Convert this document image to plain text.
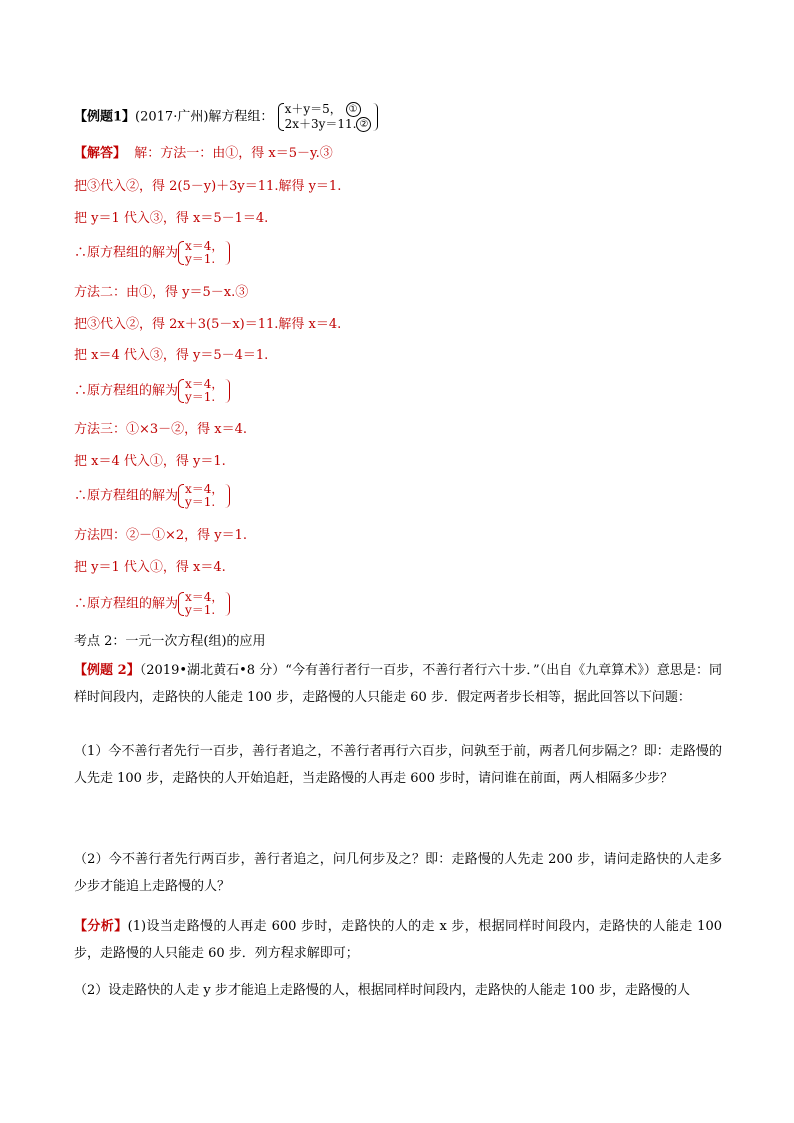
【例题1】(2017·广州)解方程组：
x＋y＝5， ①
2x＋3y＝11. ②
【解答】 解：方法一：由①，得 x＝5－y.③
把③代入②，得 2(5－y)＋3y＝11.解得 y＝1.
把 y＝1 代入③，得 x＝5－1＝4.
∴原方程组的解为 x＝4，
y＝1.
方法二：由①，得 y＝5－x.③
把③代入②，得 2x＋3(5－x)＝11.解得 x＝4.
把 x＝4 代入③，得 y＝5－4＝1.
∴原方程组的解为 x＝4，
y＝1.
方法三：①×3－②，得 x＝4.
把 x＝4 代入①，得 y＝1.
∴原方程组的解为 x＝4，
y＝1.
方法四：②－①×2，得 y＝1.
把 y＝1 代入①，得 x＝4.
∴原方程组的解为 x＝4，
y＝1.
考点 2：一元一次方程(组)的应用
【例题 2】（2019•湖北黄石•8 分）“今有善行者行一百步，不善行者行六十步．”（出自《九章算术》）意思是：同样时间段内，走路快的人能走 100 步，走路慢的人只能走 60 步．假定两者步长相等，据此回答以下问题：
（1）今不善行者先行一百步，善行者追之，不善行者再行六百步，问孰至于前，两者几何步隔之？即：走路慢的人先走 100 步，走路快的人开始追赶，当走路慢的人再走 600 步时，请问谁在前面，两人相隔多少步？
（2）今不善行者先行两百步，善行者追之，问几何步及之？即：走路慢的人先走 200 步，请问走路快的人走多少步才能追上走路慢的人？
【分析】(1)设当走路慢的人再走 600 步时，走路快的人的走 x 步，根据同样时间段内，走路快的人能走 100 步，走路慢的人只能走 60 步．列方程求解即可；
（2）设走路快的人走 y 步才能追上走路慢的人，根据同样时间段内，走路快的人能走 100 步，走路慢的人
